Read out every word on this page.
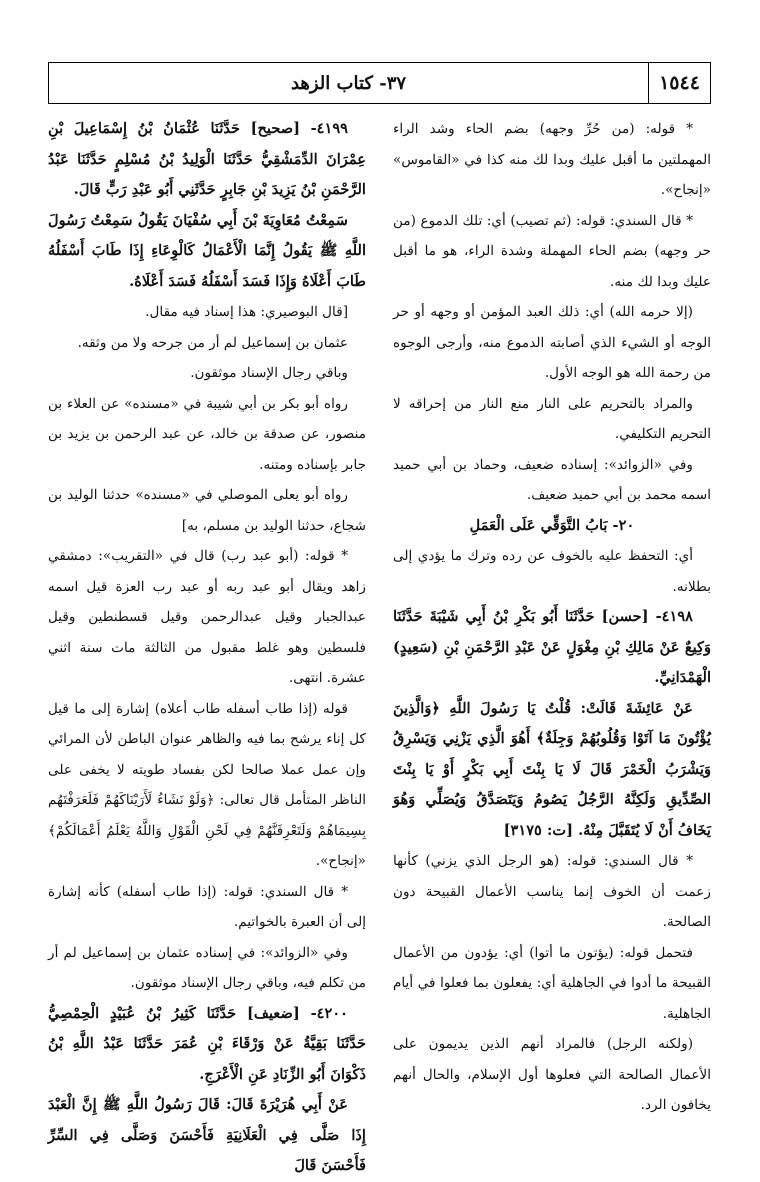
١٥٤٤
٣٧- كتاب الزهد

* قوله: (من حُرِّ وجهه) بضم الحاء وشد الراء المهملتين ما أقبل عليك وبدا لك منه كذا في «القاموس» «إنجاح».

* قال السندي: قوله: (ثم تصيب) أي: تلك الدموع (من حر وجهه) بضم الحاء المهملة وشدة الراء، هو ما أقبل عليك وبدا لك منه.

(إلا حرمه الله) أي: ذلك العبد المؤمن أو وجهه أو حر الوجه أو الشيء الذي أصابته الدموع منه، وأرجى الوجوه من رحمة الله هو الوجه الأول.

والمراد بالتحريم على النار منع النار من إحراقه لا التحريم التكليفي.

وفي «الزوائد»: إسناده ضعيف، وحماد بن أبي حميد اسمه محمد بن أبي حميد ضعيف.

٢٠- بَابُ التَّوَقِّي عَلَى الْعَمَلِ

أي: التحفظ عليه بالخوف عن رده وترك ما يؤدي إلى بطلانه.

٤١٩٨- [حسن] حَدَّثَنَا أَبُو بَكْرِ بْنُ أَبِي شَيْبَةَ حَدَّثَنَا وَكِيعٌ عَنْ مَالِكِ بْنِ مِغْوَلٍ عَنْ عَبْدِ الرَّحْمَنِ بْنِ (سَعِيدٍ) الْهَمْدَانِيِّ.

عَنْ عَائِشَةَ قَالَتْ: قُلْتُ يَا رَسُولَ اللَّهِ ﴿وَالَّذِينَ يُؤْتُونَ مَا آتَوْا وَقُلُوبُهُمْ وَجِلَةٌ﴾ أَهُوَ الَّذِي يَزْنِي وَيَسْرِقُ وَيَشْرَبُ الْخَمْرَ قَالَ لَا يَا بِنْتَ أَبِي بَكْرٍ أَوْ يَا بِنْتَ الصِّدِّيقِ وَلَكِنَّهُ الرَّجُلُ يَصُومُ وَيَتَصَدَّقُ وَيُصَلِّي وَهُوَ يَخَافُ أَنْ لَا يُتَقَبَّلَ مِنْهُ. [ت: ٣١٧٥]

* قال السندي: قوله: (هو الرجل الذي يزني) كأنها زعمت أن الخوف إنما يناسب الأعمال القبيحة دون الصالحة.

فتحمل قوله: (يؤتون ما أتوا) أي: يؤدون من الأعمال القبيحة ما أدوا في الجاهلية أي: يفعلون بما فعلوا في أيام الجاهلية.

(ولكنه الرجل) فالمراد أنهم الذين يديمون على الأعمال الصالحة التي فعلوها أول الإسلام، والحال أنهم يخافون الرد.

٤١٩٩- [صحيح] حَدَّثَنَا عُثْمَانُ بْنُ إِسْمَاعِيلَ بْنِ عِمْرَانَ الدِّمَشْقِيُّ حَدَّثَنَا الْوَلِيدُ بْنُ مُسْلِمٍ حَدَّثَنَا عَبْدُ الرَّحْمَنِ بْنُ يَزِيدَ بْنِ جَابِرٍ حَدَّثَنِي أَبُو عَبْدِ رَبٍّ قَالَ.

سَمِعْتُ مُعَاوِيَةَ بْنَ أَبِي سُفْيَانَ يَقُولُ سَمِعْتُ رَسُولَ اللَّهِ ﷺ يَقُولُ إِنَّمَا الْأَعْمَالُ كَالْوِعَاءِ إِذَا طَابَ أَسْفَلُهُ طَابَ أَعْلَاهُ وَإِذَا فَسَدَ أَسْفَلُهُ فَسَدَ أَعْلَاهُ.

[قال البوصيري: هذا إسناد فيه مقال.

عثمان بن إسماعيل لم أر من جرحه ولا من وثقه.

وباقي رجال الإسناد موثقون.

رواه أبو بكر بن أبي شيبة في «مسنده» عن العلاء بن منصور، عن صدقة بن خالد، عن عبد الرحمن بن يزيد بن جابر بإسناده ومتنه.

رواه أبو يعلى الموصلي في «مسنده» حدثنا الوليد بن شجاع، حدثنا الوليد بن مسلم، به]

* قوله: (أبو عبد رب) قال في «التقريب»: دمشقي زاهد ويقال أبو عبد ربه أو عبد رب العزة قيل اسمه عبدالجبار وقيل عبدالرحمن وقيل قسطنطين وقيل فلسطين وهو غلط مقبول من الثالثة مات سنة اثني عشرة. انتهى.

قوله (إذا طاب أسفله طاب أعلاه) إشارة إلى ما قيل كل إناء يرشح بما فيه والظاهر عنوان الباطن لأن المرائي وإن عمل عملا صالحا لكن بفساد طويته لا يخفى على الناظر المتأمل قال تعالى: ﴿وَلَوْ نَشَاءُ لَأَرَيْنَاكَهُمْ فَلَعَرَفْتَهُم بِسِيمَاهُمْ وَلَتَعْرِفَنَّهُمْ فِي لَحْنِ الْقَوْلِ وَاللَّهُ يَعْلَمُ أَعْمَالَكُمْ﴾ «إنجاح».

* قال السندي: قوله: (إذا طاب أسفله) كأنه إشارة إلى أن العبرة بالخواتيم.

وفي «الزوائد»: في إسناده عثمان بن إسماعيل لم أر من تكلم فيه، وباقي رجال الإسناد موثقون.

٤٢٠٠- [ضعيف] حَدَّثَنَا كَثِيرُ بْنُ عُبَيْدٍ الْحِمْصِيُّ حَدَّثَنَا بَقِيَّةُ عَنْ وَرْقَاءَ بْنِ عُمَرَ حَدَّثَنَا عَبْدُ اللَّهِ بْنُ ذَكْوَانَ أَبُو الزِّنَادِ عَنِ الْأَعْرَجِ.

عَنْ أَبِي هُرَيْرَةَ قَالَ: قَالَ رَسُولُ اللَّهِ ﷺ إِنَّ الْعَبْدَ إِذَا صَلَّى فِي الْعَلَانِيَةِ فَأَحْسَنَ وَصَلَّى فِي السِّرِّ فَأَحْسَنَ قَالَ
